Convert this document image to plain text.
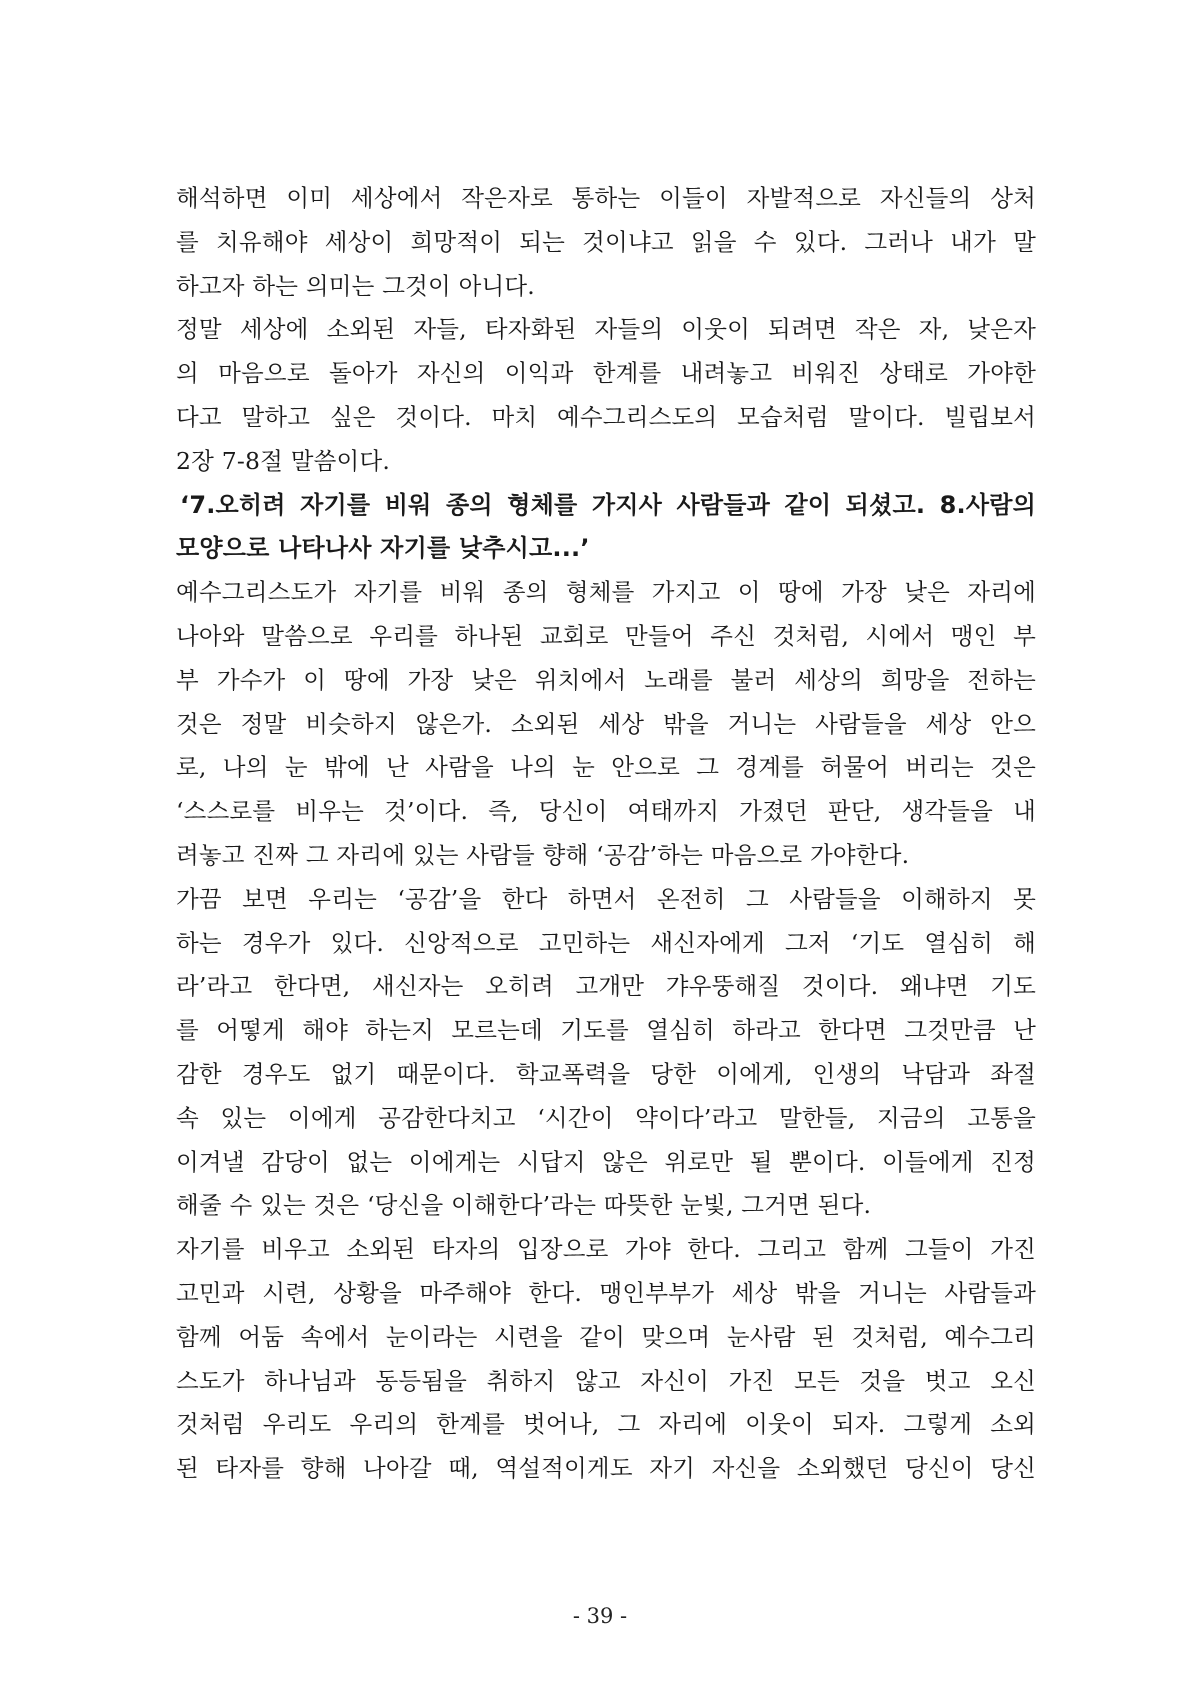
해석하면 이미 세상에서 작은자로 통하는 이들이 자발적으로 자신들의 상처
를 치유해야 세상이 희망적이 되는 것이냐고 읽을 수 있다. 그러나 내가 말
하고자 하는 의미는 그것이 아니다.
정말 세상에 소외된 자들, 타자화된 자들의 이웃이 되려면 작은 자, 낮은자
의 마음으로 돌아가 자신의 이익과 한계를 내려놓고 비워진 상태로 가야한
다고 말하고 싶은 것이다. 마치 예수그리스도의 모습처럼 말이다. 빌립보서
2장 7-8절 말씀이다.
‘7.오히려 자기를 비워 종의 형체를 가지사 사람들과 같이 되셨고. 8.사람의
모양으로 나타나사 자기를 낮추시고...’
예수그리스도가 자기를 비워 종의 형체를 가지고 이 땅에 가장 낮은 자리에
나아와 말씀으로 우리를 하나된 교회로 만들어 주신 것처럼, 시에서 맹인 부
부 가수가 이 땅에 가장 낮은 위치에서 노래를 불러 세상의 희망을 전하는
것은 정말 비슷하지 않은가. 소외된 세상 밖을 거니는 사람들을 세상 안으
로, 나의 눈 밖에 난 사람을 나의 눈 안으로 그 경계를 허물어 버리는 것은
‘스스로를 비우는 것’이다. 즉, 당신이 여태까지 가졌던 판단, 생각들을 내
려놓고 진짜 그 자리에 있는 사람들 향해 ‘공감’하는 마음으로 가야한다.
가끔 보면 우리는 ‘공감’을 한다 하면서 온전히 그 사람들을 이해하지 못
하는 경우가 있다. 신앙적으로 고민하는 새신자에게 그저 ‘기도 열심히 해
라’라고 한다면, 새신자는 오히려 고개만 갸우뚱해질 것이다. 왜냐면 기도
를 어떻게 해야 하는지 모르는데 기도를 열심히 하라고 한다면 그것만큼 난
감한 경우도 없기 때문이다. 학교폭력을 당한 이에게, 인생의 낙담과 좌절
속 있는 이에게 공감한다치고 ‘시간이 약이다’라고 말한들, 지금의 고통을
이겨낼 감당이 없는 이에게는 시답지 않은 위로만 될 뿐이다. 이들에게 진정
해줄 수 있는 것은 ‘당신을 이해한다’라는 따뜻한 눈빛, 그거면 된다.
자기를 비우고 소외된 타자의 입장으로 가야 한다. 그리고 함께 그들이 가진
고민과 시련, 상황을 마주해야 한다. 맹인부부가 세상 밖을 거니는 사람들과
함께 어둠 속에서 눈이라는 시련을 같이 맞으며 눈사람 된 것처럼, 예수그리
스도가 하나님과 동등됨을 취하지 않고 자신이 가진 모든 것을 벗고 오신
것처럼 우리도 우리의 한계를 벗어나, 그 자리에 이웃이 되자. 그렇게 소외
된 타자를 향해 나아갈 때, 역설적이게도 자기 자신을 소외했던 당신이 당신
- 39 -
